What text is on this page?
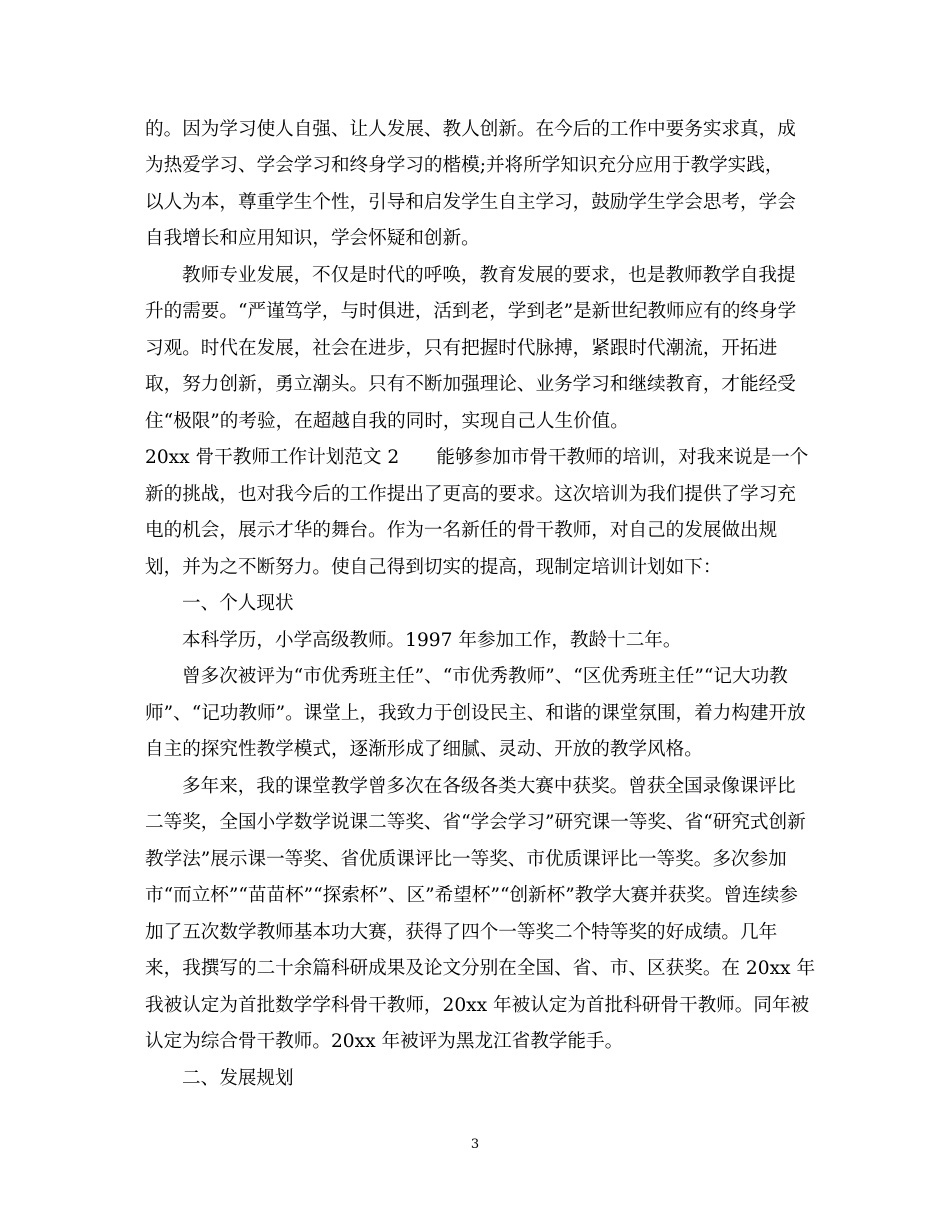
的。因为学习使人自强、让人发展、教人创新。在今后的工作中要务实求真，成
为热爱学习、学会学习和终身学习的楷模;并将所学知识充分应用于教学实践，
以人为本，尊重学生个性，引导和启发学生自主学习，鼓励学生学会思考，学会
自我增长和应用知识，学会怀疑和创新。
教师专业发展，不仅是时代的呼唤，教育发展的要求，也是教师教学自我提
升的需要。“严谨笃学，与时俱进，活到老，学到老”是新世纪教师应有的终身学
习观。时代在发展，社会在进步，只有把握时代脉搏，紧跟时代潮流，开拓进
取，努力创新，勇立潮头。只有不断加强理论、业务学习和继续教育，才能经受
住“极限”的考验，在超越自我的同时，实现自己人生价值。
20xx 骨干教师工作计划范文 2　　能够参加市骨干教师的培训，对我来说是一个
新的挑战，也对我今后的工作提出了更高的要求。这次培训为我们提供了学习充
电的机会，展示才华的舞台。作为一名新任的骨干教师，对自己的发展做出规
划，并为之不断努力。使自己得到切实的提高，现制定培训计划如下：
一、个人现状
本科学历，小学高级教师。1997 年参加工作，教龄十二年。
曾多次被评为“市优秀班主任”、“市优秀教师”、“区优秀班主任”“记大功教
师”、“记功教师”。课堂上，我致力于创设民主、和谐的课堂氛围，着力构建开放
自主的探究性教学模式，逐渐形成了细腻、灵动、开放的教学风格。
多年来，我的课堂教学曾多次在各级各类大赛中获奖。曾获全国录像课评比
二等奖，全国小学数学说课二等奖、省“学会学习”研究课一等奖、省“研究式创新
教学法”展示课一等奖、省优质课评比一等奖、市优质课评比一等奖。多次参加
市“而立杯”“苗苗杯”“探索杯”、区”希望杯”“创新杯”教学大赛并获奖。曾连续参
加了五次数学教师基本功大赛，获得了四个一等奖二个特等奖的好成绩。几年
来，我撰写的二十余篇科研成果及论文分别在全国、省、市、区获奖。在 20xx 年
我被认定为首批数学学科骨干教师，20xx 年被认定为首批科研骨干教师。同年被
认定为综合骨干教师。20xx 年被评为黑龙江省教学能手。
二、发展规划
3
